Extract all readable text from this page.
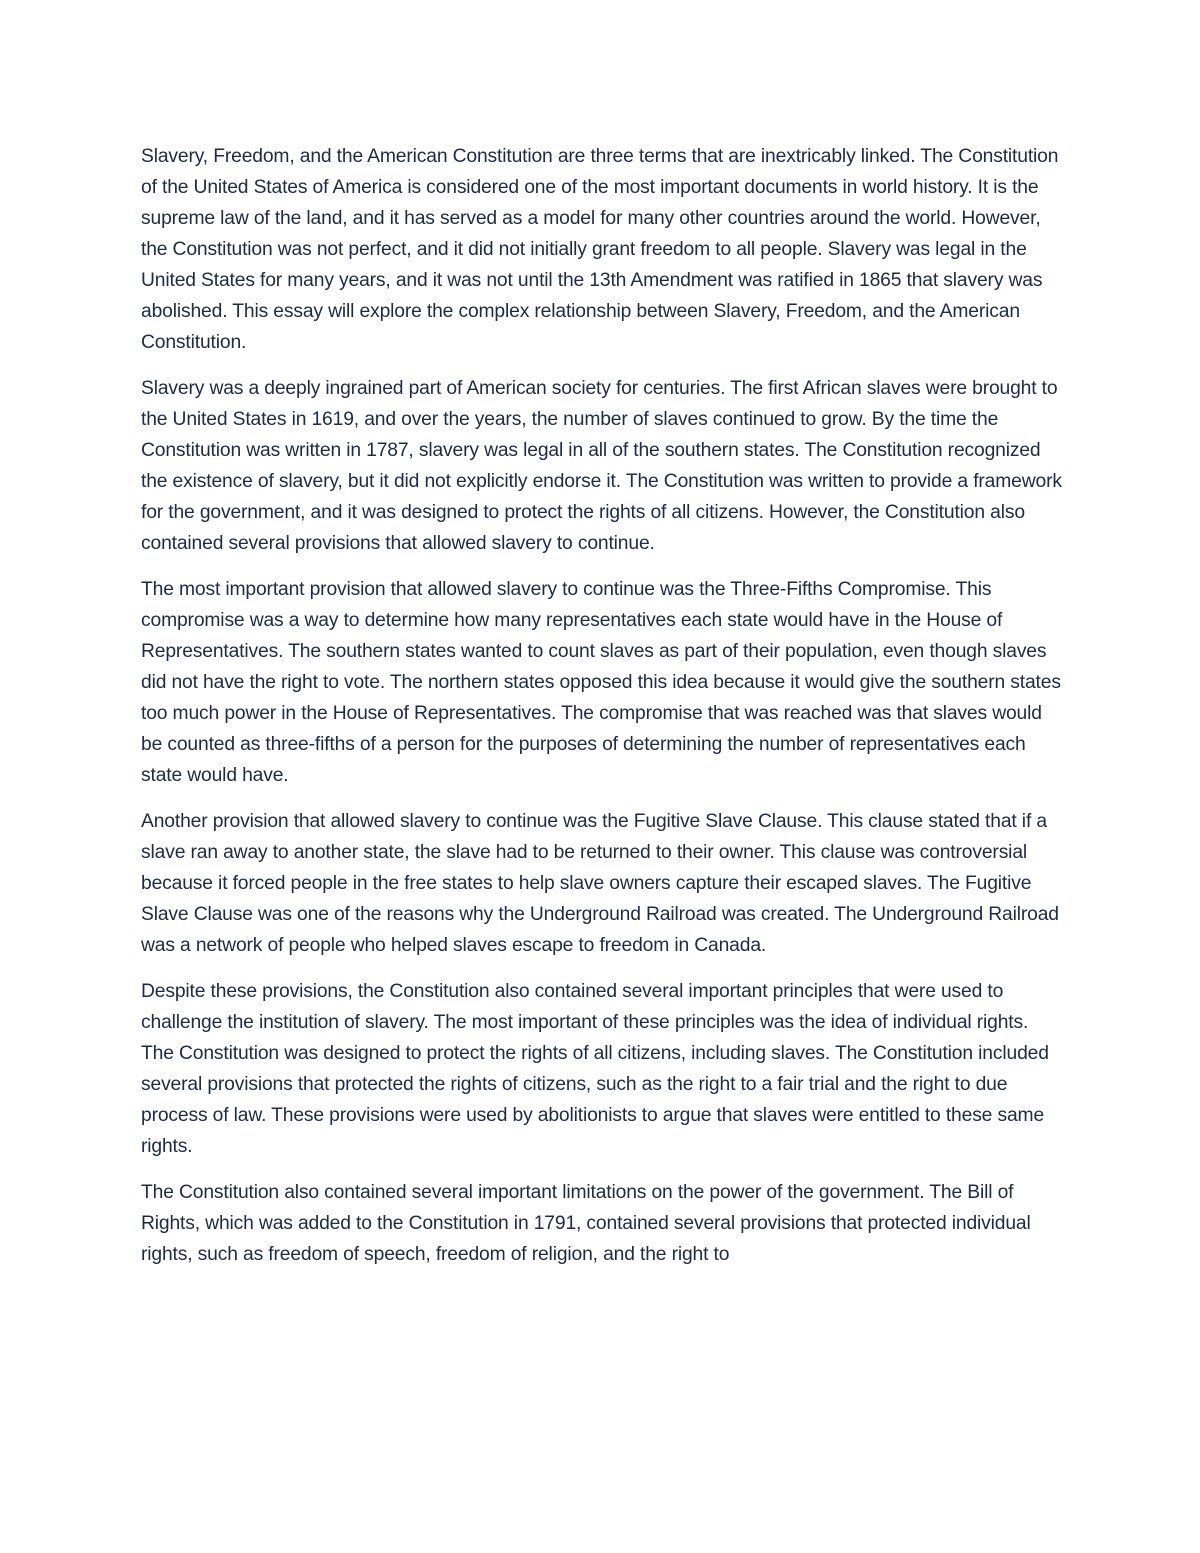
Slavery, Freedom, and the American Constitution are three terms that are inextricably linked. The Constitution of the United States of America is considered one of the most important documents in world history. It is the supreme law of the land, and it has served as a model for many other countries around the world. However, the Constitution was not perfect, and it did not initially grant freedom to all people. Slavery was legal in the United States for many years, and it was not until the 13th Amendment was ratified in 1865 that slavery was abolished. This essay will explore the complex relationship between Slavery, Freedom, and the American Constitution.

Slavery was a deeply ingrained part of American society for centuries. The first African slaves were brought to the United States in 1619, and over the years, the number of slaves continued to grow. By the time the Constitution was written in 1787, slavery was legal in all of the southern states. The Constitution recognized the existence of slavery, but it did not explicitly endorse it. The Constitution was written to provide a framework for the government, and it was designed to protect the rights of all citizens. However, the Constitution also contained several provisions that allowed slavery to continue.

The most important provision that allowed slavery to continue was the Three-Fifths Compromise. This compromise was a way to determine how many representatives each state would have in the House of Representatives. The southern states wanted to count slaves as part of their population, even though slaves did not have the right to vote. The northern states opposed this idea because it would give the southern states too much power in the House of Representatives. The compromise that was reached was that slaves would be counted as three-fifths of a person for the purposes of determining the number of representatives each state would have.

Another provision that allowed slavery to continue was the Fugitive Slave Clause. This clause stated that if a slave ran away to another state, the slave had to be returned to their owner. This clause was controversial because it forced people in the free states to help slave owners capture their escaped slaves. The Fugitive Slave Clause was one of the reasons why the Underground Railroad was created. The Underground Railroad was a network of people who helped slaves escape to freedom in Canada.

Despite these provisions, the Constitution also contained several important principles that were used to challenge the institution of slavery. The most important of these principles was the idea of individual rights. The Constitution was designed to protect the rights of all citizens, including slaves. The Constitution included several provisions that protected the rights of citizens, such as the right to a fair trial and the right to due process of law. These provisions were used by abolitionists to argue that slaves were entitled to these same rights.

The Constitution also contained several important limitations on the power of the government. The Bill of Rights, which was added to the Constitution in 1791, contained several provisions that protected individual rights, such as freedom of speech, freedom of religion, and the right to
